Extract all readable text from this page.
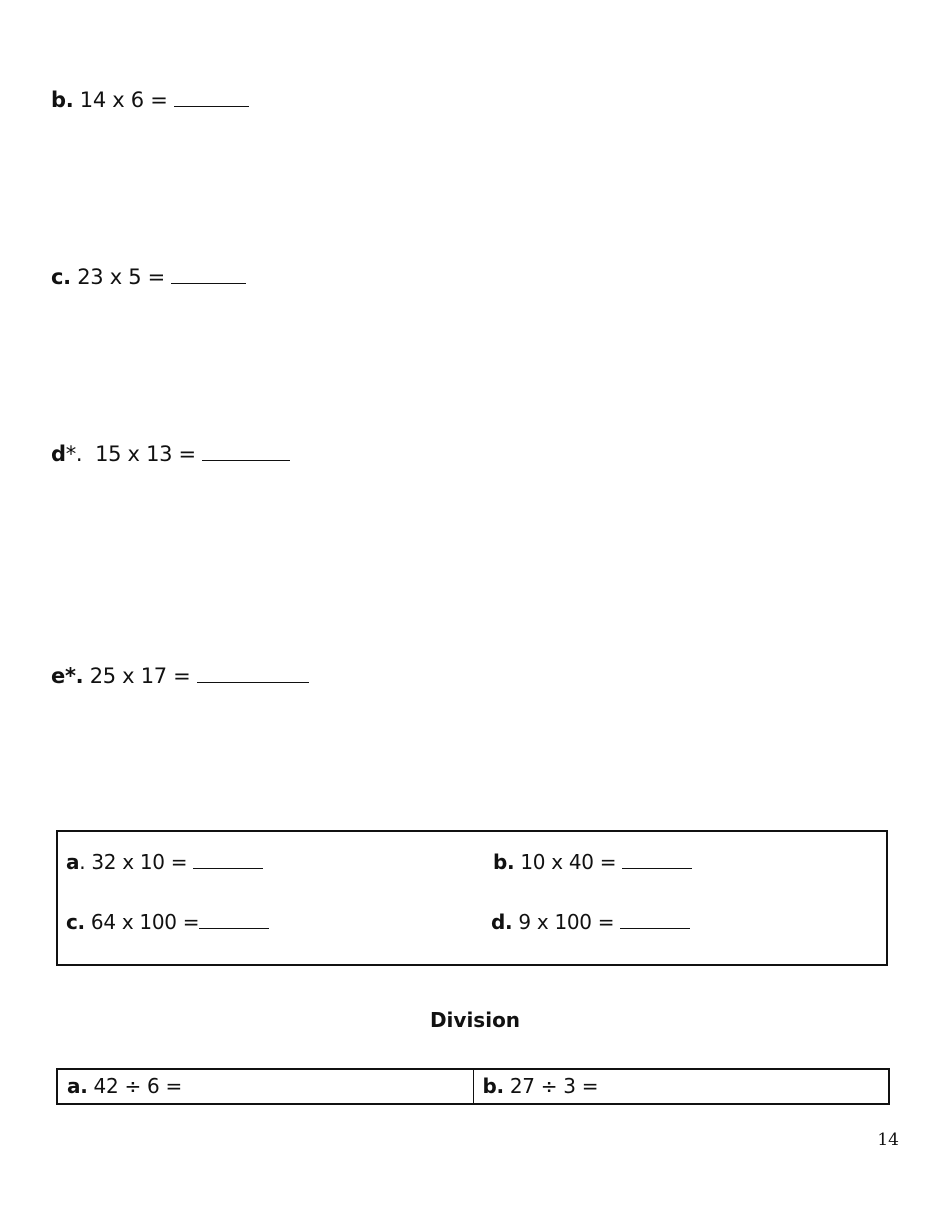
b. 14 x 6 =
c. 23 x 5 =
d*.  15 x 13 =
e*. 25 x 17 =
a. 32 x 10 =	b. 10 x 40 =
c. 64 x 100 =	d. 9 x 100 =
Division
a. 42 ÷ 6 =	b. 27 ÷ 3 =
14
